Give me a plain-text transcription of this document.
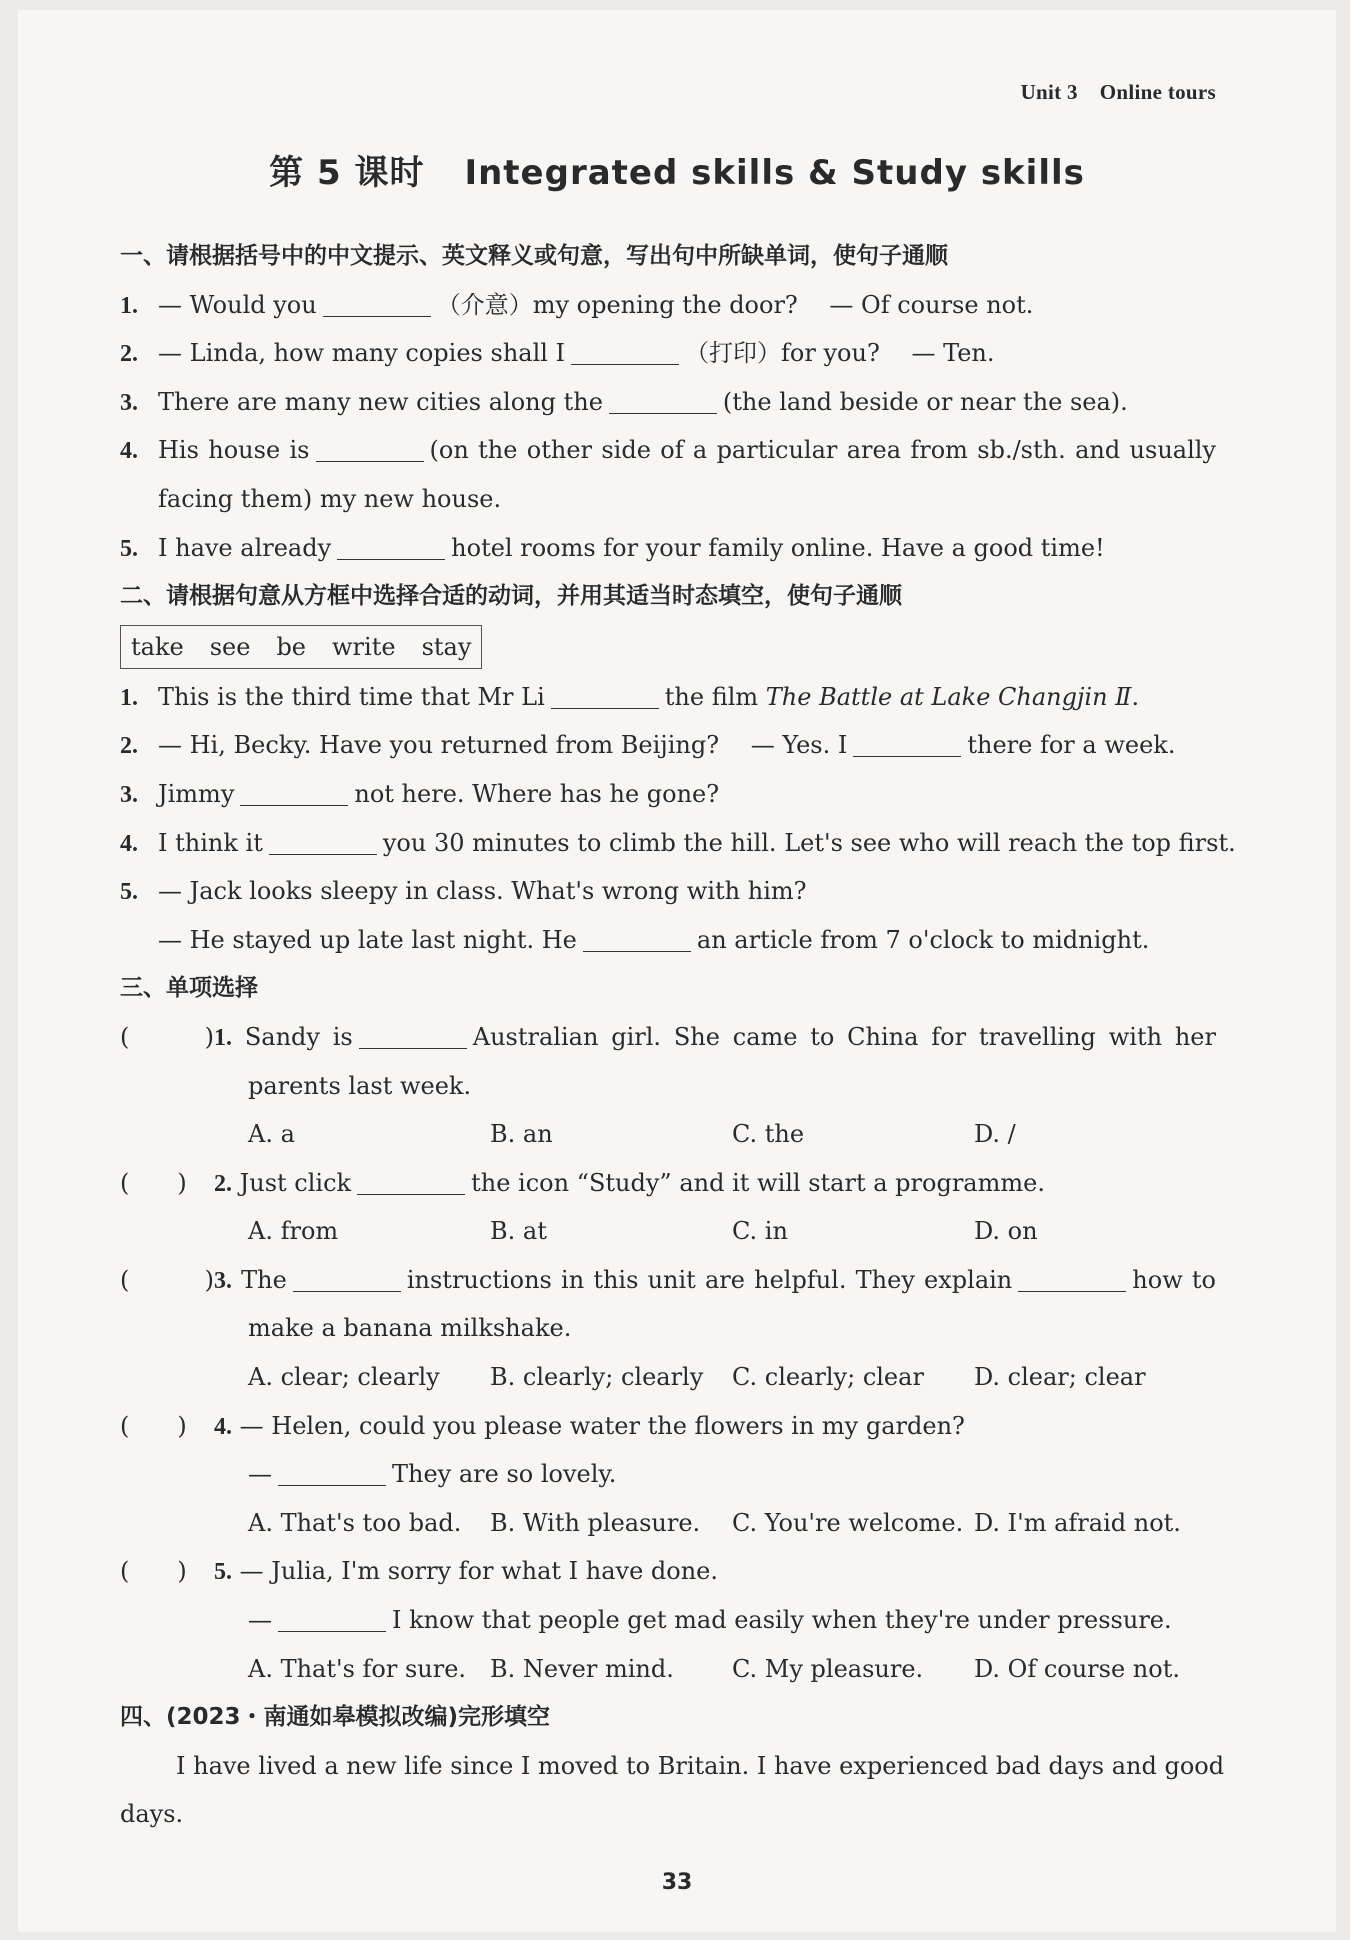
Unit 3 Online tours
第 5 课时 Integrated skills & Study skills
一、请根据括号中的中文提示、英文释义或句意，写出句中所缺单词，使句子通顺
1. — Would you	（介意）my opening the door?　 — Of course not.
2. — Linda, how many copies shall I	（打印）for you?　 — Ten.
3. There are many new cities along the	(the land beside or near the sea).
4. His house is	(on the other side of a particular area from sb./sth. and usually
facing them) my new house.
5. I have already	hotel rooms for your family online. Have a good time!
二、请根据句意从方框中选择合适的动词，并用其适当时态填空，使句子通顺
take see be write stay
1. This is the third time that Mr Li	the film The Battle at Lake Changjin Ⅱ.
2. — Hi, Becky. Have you returned from Beijing?　 — Yes. I	there for a week.
3. Jimmy	not here. Where has he gone?
4. I think it	you 30 minutes to climb the hill. Let's see who will reach the top first.
5. — Jack looks sleepy in class. What's wrong with him?
— He stayed up late last night. He	an article from 7 o'clock to midnight.
三、单项选择
(　　)1. Sandy is	Australian girl. She came to China for travelling with her
parents last week.
A. a	B. an	C. the	D. /
(　　) 2. Just click	the icon “Study” and it will start a programme.
A. from	B. at	C. in	D. on
(　　)3. The	instructions in this unit are helpful. They explain	how to
make a banana milkshake.
A. clear; clearly	B. clearly; clearly	C. clearly; clear	D. clear; clear
(　　) 4. — Helen, could you please water the flowers in my garden?
—	They are so lovely.
A. That's too bad.	B. With pleasure.	C. You're welcome. D. I'm afraid not.
(　　) 5. — Julia, I'm sorry for what I have done.
—	I know that people get mad easily when they're under pressure.
A. That's for sure. B. Never mind.	C. My pleasure.	D. Of course not.
四、(2023・南通如皋模拟改编)完形填空
I have lived a new life since I moved to Britain. I have experienced bad days and good
days.
33
